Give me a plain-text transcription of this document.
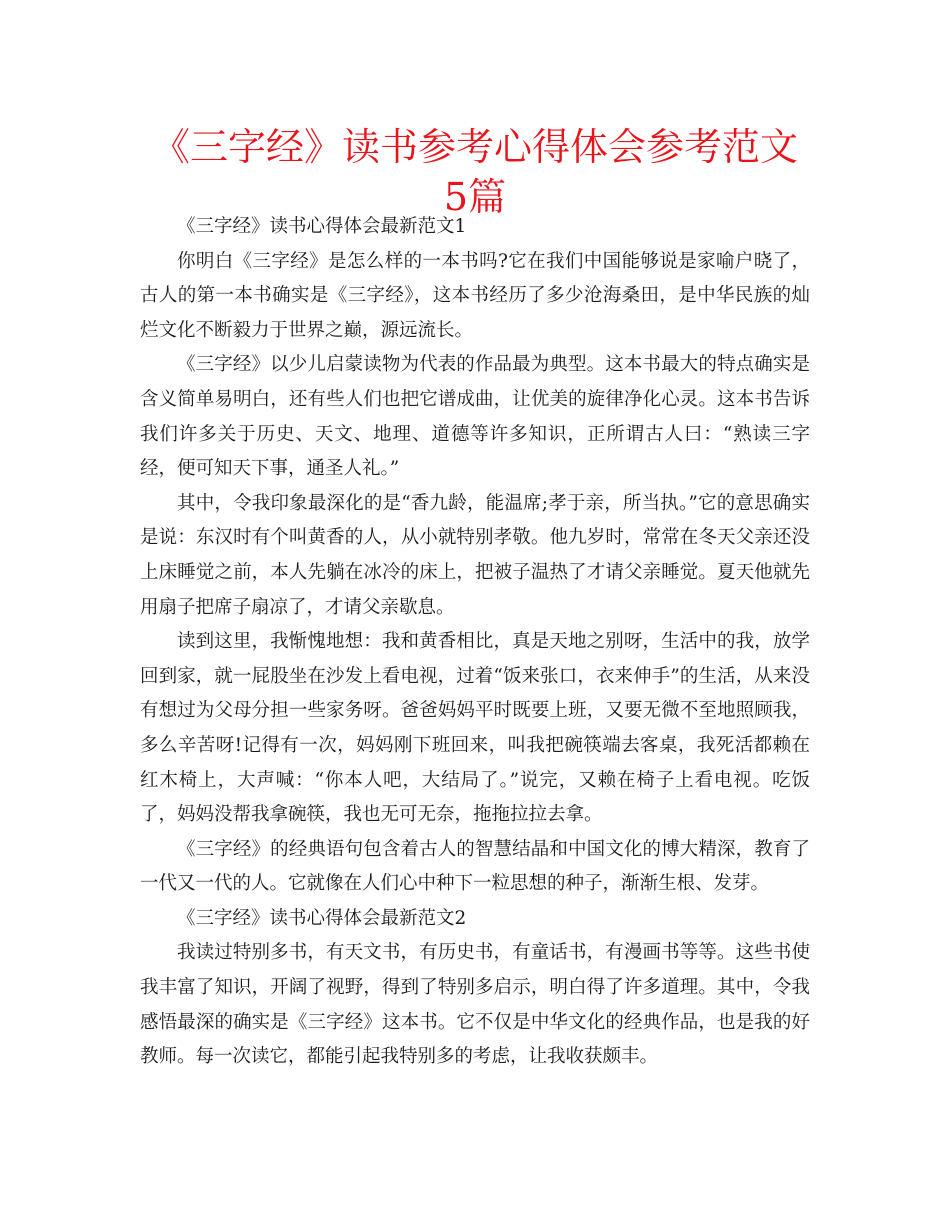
《三字经》读书参考心得体会参考范文5篇

《三字经》读书心得体会最新范文1

你明白《三字经》是怎么样的一本书吗?它在我们中国能够说是家喻户晓了，古人的第一本书确实是《三字经》，这本书经历了多少沧海桑田，是中华民族的灿烂文化不断毅力于世界之巅，源远流长。

《三字经》以少儿启蒙读物为代表的作品最为典型。这本书最大的特点确实是含义简单易明白，还有些人们也把它谱成曲，让优美的旋律净化心灵。这本书告诉我们许多关于历史、天文、地理、道德等许多知识，正所谓古人曰：“熟读三字经，便可知天下事，通圣人礼。”

其中，令我印象最深化的是“香九龄，能温席;孝于亲，所当执。”它的意思确实是说：东汉时有个叫黄香的人，从小就特别孝敬。他九岁时，常常在冬天父亲还没上床睡觉之前，本人先躺在冰冷的床上，把被子温热了才请父亲睡觉。夏天他就先用扇子把席子扇凉了，才请父亲歇息。

读到这里，我惭愧地想：我和黄香相比，真是天地之别呀，生活中的我，放学回到家，就一屁股坐在沙发上看电视，过着“饭来张口，衣来伸手”的生活，从来没有想过为父母分担一些家务呀。爸爸妈妈平时既要上班，又要无微不至地照顾我，多么辛苦呀!记得有一次，妈妈刚下班回来，叫我把碗筷端去客桌，我死活都赖在红木椅上，大声喊：“你本人吧，大结局了。”说完，又赖在椅子上看电视。吃饭了，妈妈没帮我拿碗筷，我也无可无奈，拖拖拉拉去拿。

《三字经》的经典语句包含着古人的智慧结晶和中国文化的博大精深，教育了一代又一代的人。它就像在人们心中种下一粒思想的种子，渐渐生根、发芽。

《三字经》读书心得体会最新范文2

我读过特别多书，有天文书，有历史书，有童话书，有漫画书等等。这些书使我丰富了知识，开阔了视野，得到了特别多启示，明白得了许多道理。其中，令我感悟最深的确实是《三字经》这本书。它不仅是中华文化的经典作品，也是我的好教师。每一次读它，都能引起我特别多的考虑，让我收获颇丰。
